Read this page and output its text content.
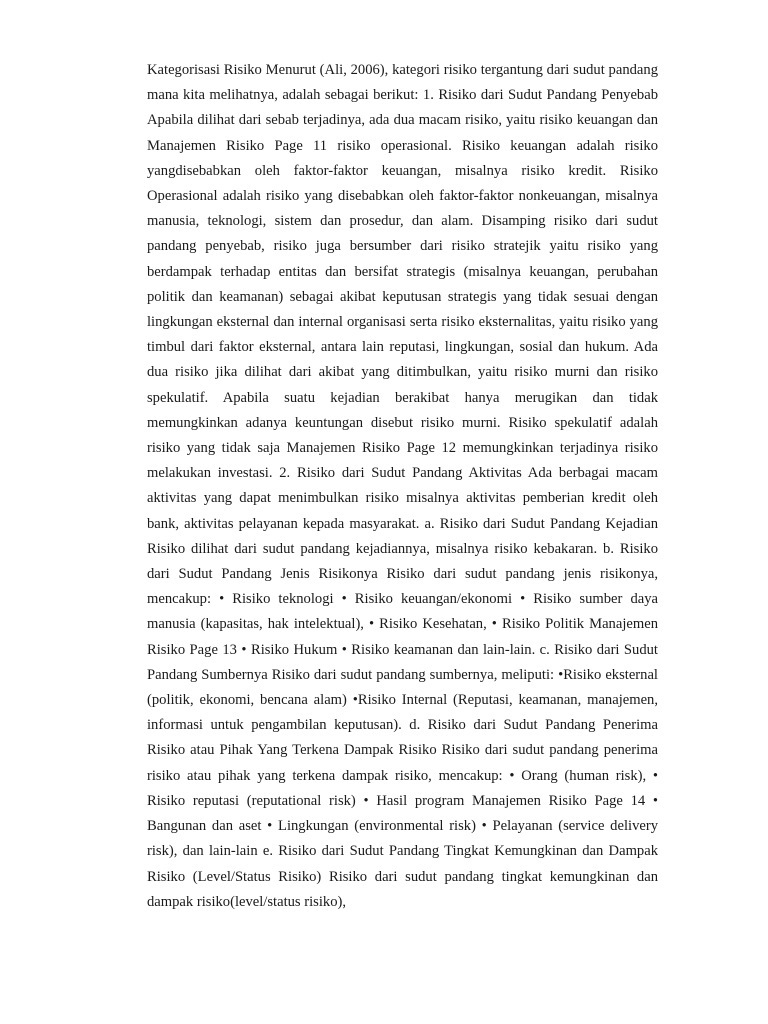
Kategorisasi Risiko Menurut (Ali, 2006), kategori risiko tergantung dari sudut pandang mana kita melihatnya, adalah sebagai berikut: 1. Risiko dari Sudut Pandang Penyebab Apabila dilihat dari sebab terjadinya, ada dua macam risiko, yaitu risiko keuangan dan Manajemen Risiko Page 11 risiko operasional. Risiko keuangan adalah risiko yangdisebabkan oleh faktor-faktor keuangan, misalnya risiko kredit. Risiko Operasional adalah risiko yang disebabkan oleh faktor-faktor nonkeuangan, misalnya manusia, teknologi, sistem dan prosedur, dan alam. Disamping risiko dari sudut pandang penyebab, risiko juga bersumber dari risiko stratejik yaitu risiko yang berdampak terhadap entitas dan bersifat strategis (misalnya keuangan, perubahan politik dan keamanan) sebagai akibat keputusan strategis yang tidak sesuai dengan lingkungan eksternal dan internal organisasi serta risiko eksternalitas, yaitu risiko yang timbul dari faktor eksternal, antara lain reputasi, lingkungan, sosial dan hukum. Ada dua risiko jika dilihat dari akibat yang ditimbulkan, yaitu risiko murni dan risiko spekulatif. Apabila suatu kejadian berakibat hanya merugikan dan tidak memungkinkan adanya keuntungan disebut risiko murni. Risiko spekulatif adalah risiko yang tidak saja Manajemen Risiko Page 12 memungkinkan terjadinya risiko melakukan investasi. 2. Risiko dari Sudut Pandang Aktivitas Ada berbagai macam aktivitas yang dapat menimbulkan risiko misalnya aktivitas pemberian kredit oleh bank, aktivitas pelayanan kepada masyarakat. a. Risiko dari Sudut Pandang Kejadian Risiko dilihat dari sudut pandang kejadiannya, misalnya risiko kebakaran. b. Risiko dari Sudut Pandang Jenis Risikonya Risiko dari sudut pandang jenis risikonya, mencakup: • Risiko teknologi • Risiko keuangan/ekonomi • Risiko sumber daya manusia (kapasitas, hak intelektual), • Risiko Kesehatan, • Risiko Politik Manajemen Risiko Page 13 • Risiko Hukum • Risiko keamanan dan lain-lain. c. Risiko dari Sudut Pandang Sumbernya Risiko dari sudut pandang sumbernya, meliputi: •Risiko eksternal (politik, ekonomi, bencana alam) •Risiko Internal (Reputasi, keamanan, manajemen, informasi untuk pengambilan keputusan). d. Risiko dari Sudut Pandang Penerima Risiko atau Pihak Yang Terkena Dampak Risiko Risiko dari sudut pandang penerima risiko atau pihak yang terkena dampak risiko, mencakup: • Orang (human risk), • Risiko reputasi (reputational risk) • Hasil program Manajemen Risiko Page 14 • Bangunan dan aset • Lingkungan (environmental risk) • Pelayanan (service delivery risk), dan lain-lain e. Risiko dari Sudut Pandang Tingkat Kemungkinan dan Dampak Risiko (Level/Status Risiko) Risiko dari sudut pandang tingkat kemungkinan dan dampak risiko(level/status risiko),
